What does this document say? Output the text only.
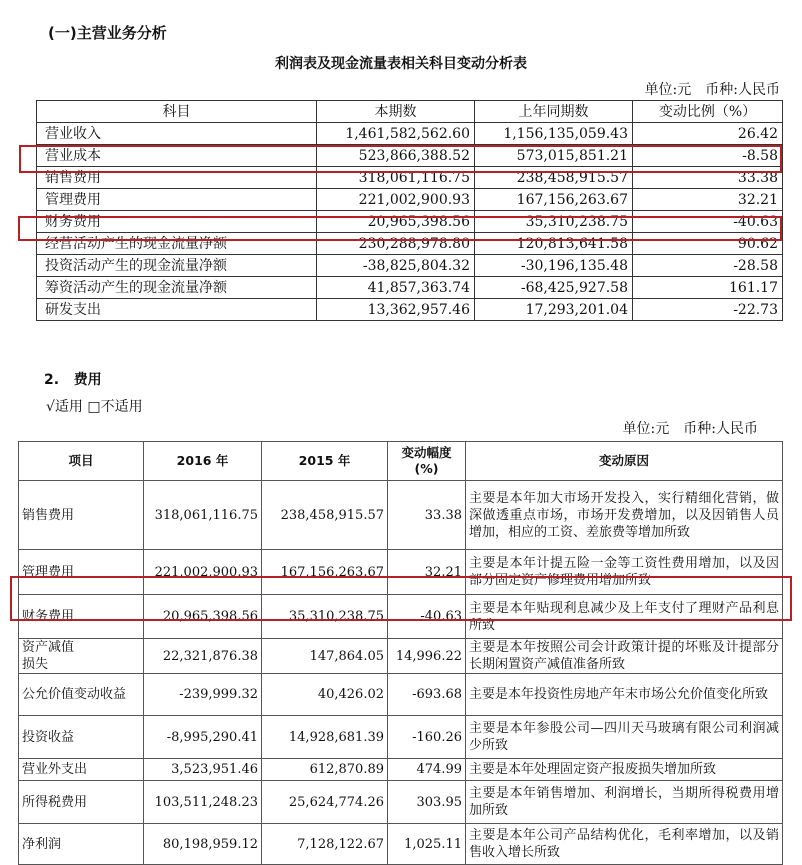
(一)主营业务分析
利润表及现金流量表相关科目变动分析表
单位:元　币种:人民币
科目	本期数	上年同期数	变动比例（%）
营业收入	1,461,582,562.60	1,156,135,059.43	26.42
营业成本	523,866,388.52	573,015,851.21	-8.58
销售费用	318,061,116.75	238,458,915.57	33.38
管理费用	221,002,900.93	167,156,263.67	32.21
财务费用	20,965,398.56	35,310,238.75	-40.63
经营活动产生的现金流量净额	230,288,978.80	120,813,641.58	90.62
投资活动产生的现金流量净额	-38,825,804.32	-30,196,135.48	-28.58
筹资活动产生的现金流量净额	41,857,363.74	-68,425,927.58	161.17
研发支出	13,362,957.46	17,293,201.04	-22.73
2. 费用
√适用 □不适用
单位:元　币种:人民币
项目	2016 年	2015 年	变动幅度
(%)	变动原因
销售费用	318,061,116.75	238,458,915.57	33.38	主要是本年加大市场开发投入，实行精细化营销，做深做透重点市场，市场开发费增加，以及因销售人员增加，相应的工资、差旅费等增加所致
管理费用	221,002,900.93	167,156,263.67	32.21	主要是本年计提五险一金等工资性费用增加，以及因部分固定资产修理费用增加所致
财务费用	20,965,398.56	35,310,238.75	-40.63	主要是本年贴现利息减少及上年支付了理财产品利息所致
资产减值
损失	22,321,876.38	147,864.05	14,996.22	主要是本年按照公司会计政策计提的坏账及计提部分长期闲置资产减值准备所致
公允价值变动收益	-239,999.32	40,426.02	-693.68	主要是本年投资性房地产年末市场公允价值变化所致
投资收益	-8,995,290.41	14,928,681.39	-160.26	主要是本年参股公司—四川天马玻璃有限公司利润减少所致
营业外支出	3,523,951.46	612,870.89	474.99	主要是本年处理固定资产报废损失增加所致
所得税费用	103,511,248.23	25,624,774.26	303.95	主要是本年销售增加、利润增长，当期所得税费用增加所致
净利润	80,198,959.12	7,128,122.67	1,025.11	主要是本年公司产品结构优化，毛利率增加，以及销售收入增长所致
